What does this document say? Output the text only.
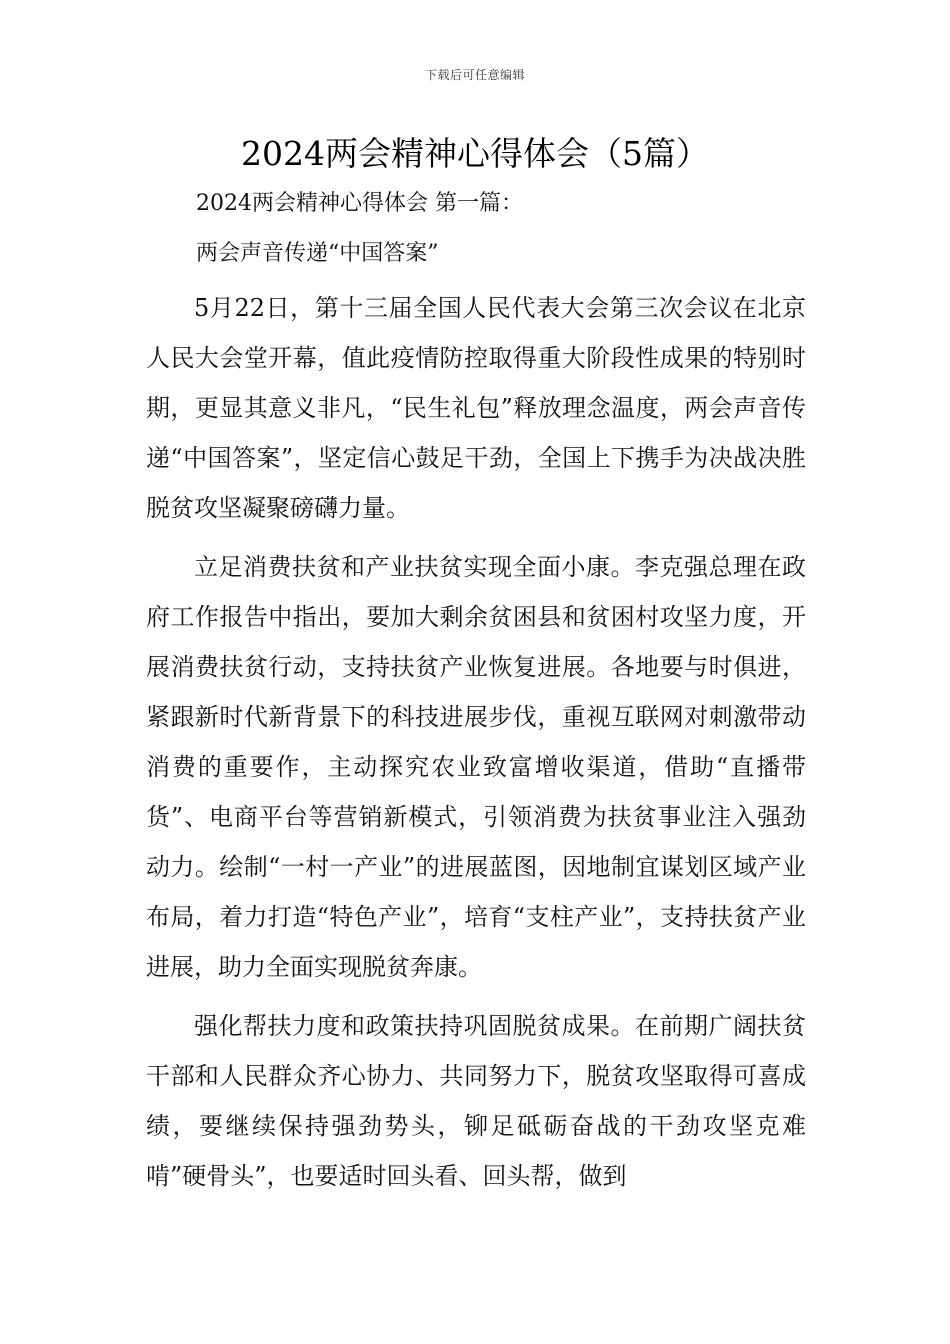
下载后可任意编辑
2024两会精神心得体会（5篇）
2024两会精神心得体会 第一篇：
两会声音传递“中国答案”

5月22日，第十三届全国人民代表大会第三次会议在北京人民大会堂开幕，值此疫情防控取得重大阶段性成果的特别时期，更显其意义非凡，“民生礼包”释放理念温度，两会声音传递“中国答案”，坚定信心鼓足干劲，全国上下携手为决战决胜脱贫攻坚凝聚磅礴力量。

立足消费扶贫和产业扶贫实现全面小康。李克强总理在政府工作报告中指出，要加大剩余贫困县和贫困村攻坚力度，开展消费扶贫行动，支持扶贫产业恢复进展。各地要与时俱进，紧跟新时代新背景下的科技进展步伐，重视互联网对刺激带动消费的重要作，主动探究农业致富增收渠道，借助“直播带货”、电商平台等营销新模式，引领消费为扶贫事业注入强劲动力。绘制“一村一产业”的进展蓝图，因地制宜谋划区域产业布局，着力打造“特色产业”，培育“支柱产业”，支持扶贫产业进展，助力全面实现脱贫奔康。

强化帮扶力度和政策扶持巩固脱贫成果。在前期广阔扶贫干部和人民群众齐心协力、共同努力下，脱贫攻坚取得可喜成绩，要继续保持强劲势头，铆足砥砺奋战的干劲攻坚克难啃”硬骨头”，也要适时回头看、回头帮，做到
